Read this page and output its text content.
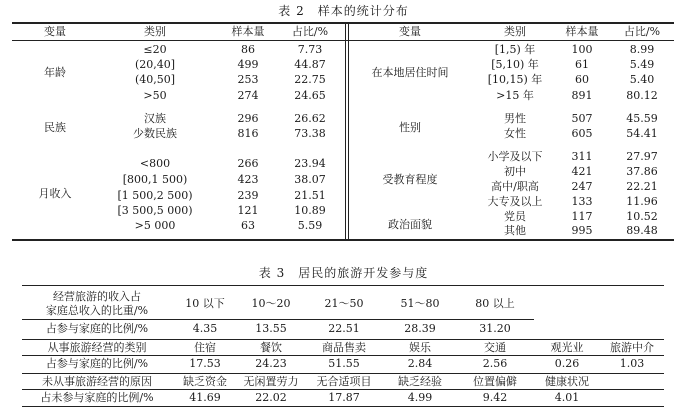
表 2　样本的统计分布
变量	类别	样本量	占比/%	变量	类别	样本量	占比/%
年龄
≤20	86	7.73
(20,40]	499	44.87
(40,50]	253	22.75
>50	274	24.65
民族
汉族	296	26.62
少数民族	816	73.38
月收入
<800	266	23.94
[800,1 500)	423	38.07
[1 500,2 500)	239	21.51
[3 500,5 000)	121	10.89
>5 000	63	5.59
在本地居住时间
[1,5) 年	100	8.99
[5,10) 年	61	5.49
[10,15) 年	60	5.40
>15 年	891	80.12
性别
男性	507	45.59
女性	605	54.41
受教育程度
小学及以下	311	27.97
初中	421	37.86
高中/职高	247	22.21
大专及以上	133	11.96
政治面貌
党员	117	10.52
其他	995	89.48
表 3　居民的旅游开发参与度
经营旅游的收入占
家庭总收入的比重/%
10 以下	10～20	21～50	51～80	80 以上
占参与家庭的比例/%	4.35	13.55	22.51	28.39	31.20
从事旅游经营的类别	住宿	餐饮	商品售卖	娱乐	交通	观光业	旅游中介
占参与家庭的比例/%	17.53	24.23	51.55	2.84	2.56	0.26	1.03
未从事旅游经营的原因	缺乏资金	无闲置劳力	无合适项目	缺乏经验	位置偏僻	健康状况
占未参与家庭的比例/%	41.69	22.02	17.87	4.99	9.42	4.01
